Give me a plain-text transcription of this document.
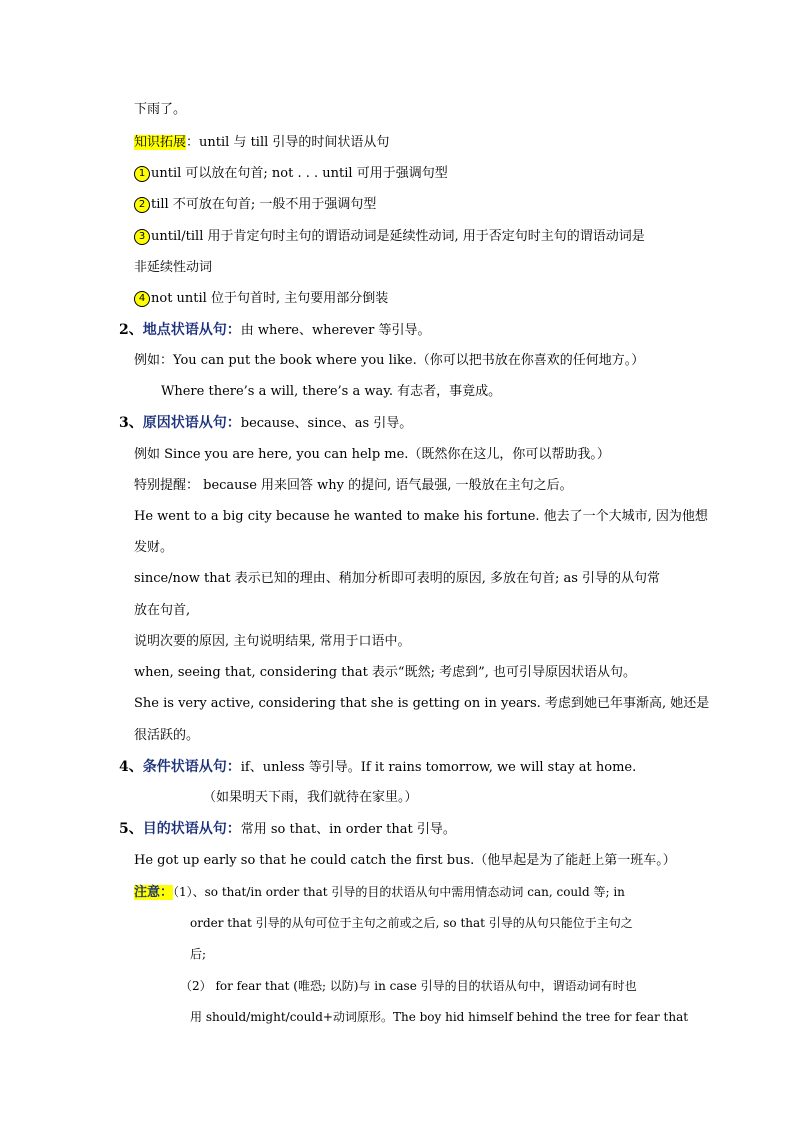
下雨了。
知识拓展：until 与 till 引导的时间状语从句
1 until 可以放在句首; not . . . until 可用于强调句型
2 till 不可放在句首; 一般不用于强调句型
3 until/till 用于肯定句时主句的谓语动词是延续性动词, 用于否定句时主句的谓语动词是
非延续性动词
4 not until 位于句首时, 主句要用部分倒装
2、地点状语从句：由 where、wherever 等引导。
例如：You can put the book where you like.（你可以把书放在你喜欢的任何地方。）
Where there’s a will, there’s a way. 有志者，事竟成。
3、原因状语从句：because、since、as 引导。
例如 Since you are here, you can help me.（既然你在这儿，你可以帮助我。）
特别提醒： because 用来回答 why 的提问, 语气最强, 一般放在主句之后。
He went to a big city because he wanted to make his fortune. 他去了一个大城市, 因为他想
发财。
since/now that 表示已知的理由、稍加分析即可表明的原因, 多放在句首; as 引导的从句常
放在句首,
说明次要的原因, 主句说明结果, 常用于口语中。
when, seeing that, considering that 表示“既然; 考虑到”, 也可引导原因状语从句。
She is very active, considering that she is getting on in years. 考虑到她已年事渐高, 她还是
很活跃的。
4、条件状语从句：if、unless 等引导。If it rains tomorrow, we will stay at home.
（如果明天下雨，我们就待在家里。）
5、目的状语从句：常用 so that、in order that 引导。
He got up early so that he could catch the first bus.（他早起是为了能赶上第一班车。）
注意：（1）、so that/in order that 引导的目的状语从句中需用情态动词 can, could 等; in
order that 引导的从句可位于主句之前或之后, so that 引导的从句只能位于主句之
后;
（2） for fear that (唯恐; 以防)与 in case 引导的目的状语从句中，谓语动词有时也
用 should/might/could+动词原形。The boy hid himself behind the tree for fear that
